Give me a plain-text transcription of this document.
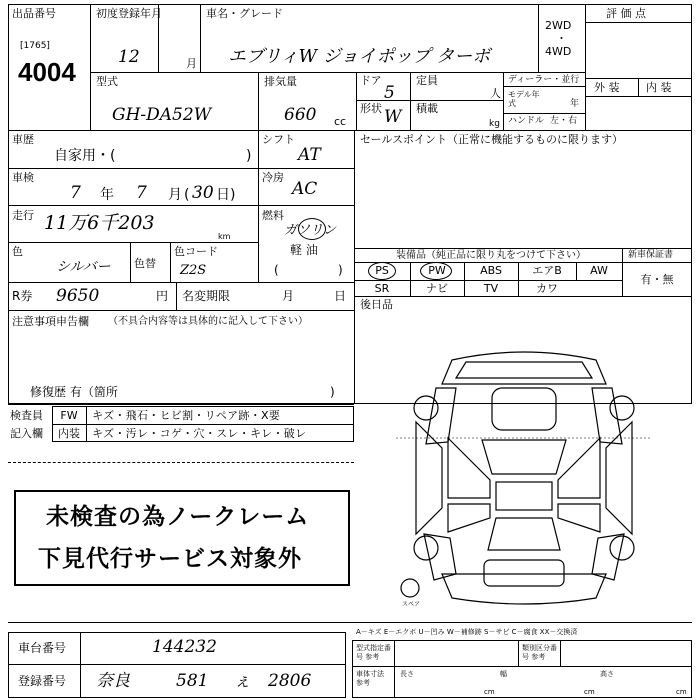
出品番号
[1765]
4004
初度登録年月
12	月
車名・グレード
エブリィW ジョイポップ ターボ
2WD
・
4WD
評 価 点
外 装 内 装
型式
GH-DA52W
排気量
660 cc
ドア
5
形状 W
定員
人
積載
kg
ディーラー・並行
モデル年式	年
ハンドル 左・右
車歴
自家用・(	)
シフト
AT
車検
7 年 7 月 ( 30 日)
冷房
AC
走行 11万6千203
km
燃料
ガソリン
軽 油
(	)
色
シルバー 色替
色コード
Z2S
R券 9650	円 名変期限	月	日
注意事項申告欄 （不具合内容等は具体的に記入して下さい）
修復歴 有（箇所	)
セールスポイント（正常に機能するものに限ります）
装備品（純正品に限り丸をつけて下さい）	新車保証書
PS	PW	ABS	エアB	AW
SR	ナビ	TV	カワ
有・無
後日品
検査員
記入欄
FW	キズ・飛石・ヒビ割・リペア跡・X要
内装	キズ・汚レ・コゲ・穴・スレ・キレ・破レ
未検査の為ノークレーム
下見代行サービス対象外
スペア
車台番号	144232
登録番号 奈良	581 ぇ 2806
A－キズ E－エクボ U－凹み W－補修跡 S－サビ C－腐食 XX－交換済
型式指定番号 参考
類別区分番号 参考
車体寸法 参考
長さ
cm
幅
cm
高さ
cm
